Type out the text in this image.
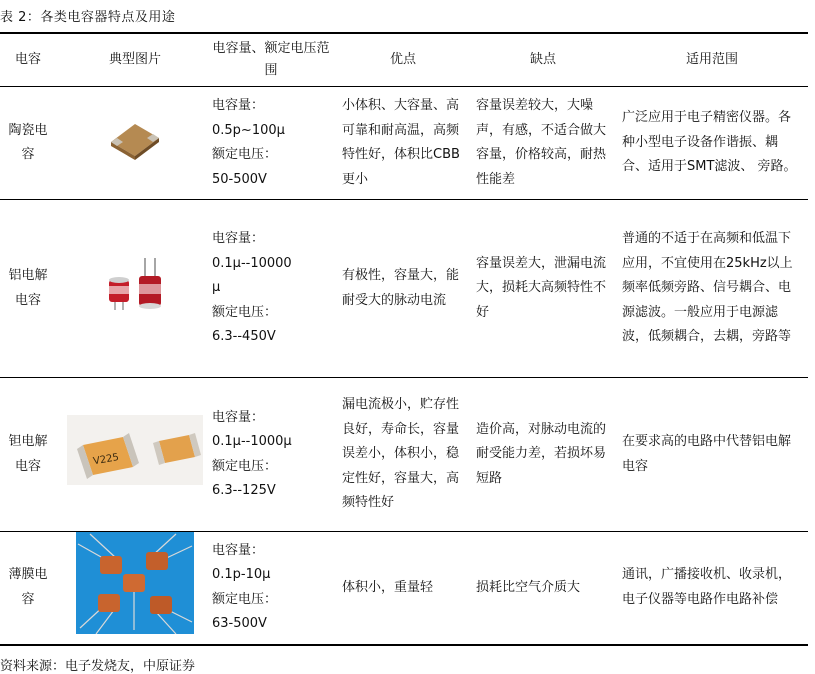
表 2：各类电容器特点及用途
电容	典型图片	电容量、额定电压范围	优点	缺点	适用范围

陶瓷电
容		电容量：
0.5p~100μ
额定电压：
50-500V	小体积、大容量、高可靠和耐高温，高频特性好，体积比CBB更小	容量误差较大，大噪声，有感，不适合做大容量，价格较高，耐热性能差	广泛应用于电子精密仪器。各种小型电子设备作谐振、耦合、适用于SMT滤波、 旁路。

铝电解
电容		电容量：
0.1μ--10000
μ
额定电压：
6.3--450V	有极性，容量大，能耐受大的脉动电流	容量误差大，泄漏电流大，损耗大高频特性不好	普通的不适于在高频和低温下应用，不宜使用在25kHz以上频率低频旁路、信号耦合、电源滤波。一般应用于电源滤波，低频耦合，去耦，旁路等

钽电解
电容	V225	电容量：
0.1μ--1000μ
额定电压：
6.3--125V	漏电流极小，贮存性良好，寿命长，容量误差小，体积小，稳定性好，容量大，高频特性好	造价高，对脉动电流的耐受能力差，若损坏易短路	在要求高的电路中代替铝电解电容

薄膜电
容		电容量：
0.1p-10μ
额定电压：
63-500V	体积小，重量轻	损耗比空气介质大	通讯，广播接收机、收录机，电子仪器等电路作电路补偿
资料来源：电子发烧友，中原证券
